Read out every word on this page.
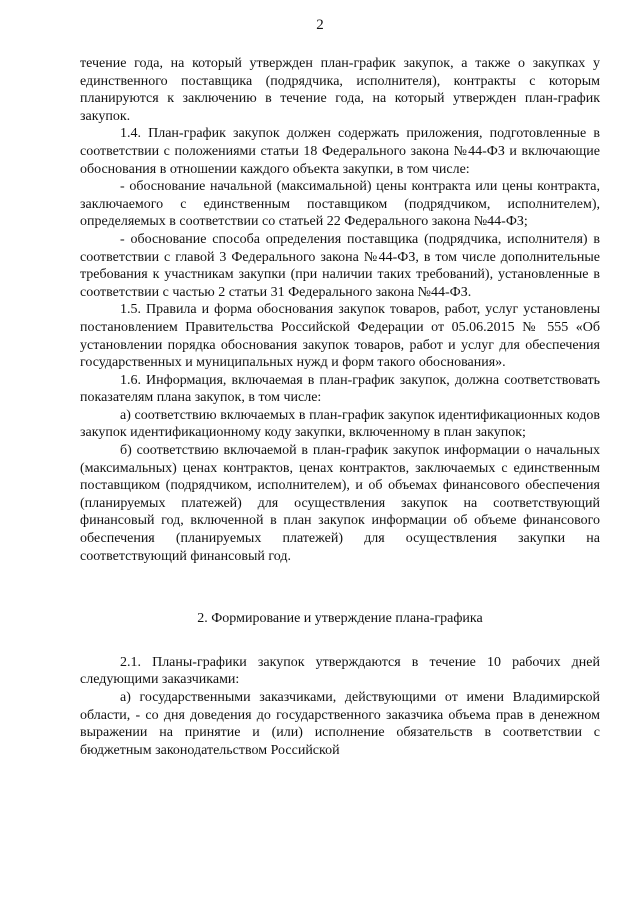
2

течение года, на который утвержден план-график закупок, а также о закупках у единственного поставщика (подрядчика, исполнителя), контракты с которым планируются к заключению в течение года, на который утвержден план-график закупок.

1.4. План-график закупок должен содержать приложения, подготовленные в соответствии с положениями статьи 18 Федерального закона №44-ФЗ и включающие обоснования в отношении каждого объекта закупки, в том числе:

- обоснование начальной (максимальной) цены контракта или цены контракта, заключаемого с единственным поставщиком (подрядчиком, исполнителем), определяемых в соответствии со статьей 22 Федерального закона №44-ФЗ;

- обоснование способа определения поставщика (подрядчика, исполнителя) в соответствии с главой 3 Федерального закона №44-ФЗ, в том числе дополнительные требования к участникам закупки (при наличии таких требований), установленные в соответствии с частью 2 статьи 31 Федерального закона №44-ФЗ.

1.5. Правила и форма обоснования закупок товаров, работ, услуг установлены постановлением Правительства Российской Федерации от 05.06.2015 № 555 «Об установлении порядка обоснования закупок товаров, работ и услуг для обеспечения государственных и муниципальных нужд и форм такого обоснования».

1.6. Информация, включаемая в план-график закупок, должна соответствовать показателям плана закупок, в том числе:

а) соответствию включаемых в план-график закупок идентификационных кодов закупок идентификационному коду закупки, включенному в план закупок;

б) соответствию включаемой в план-график закупок информации о начальных (максимальных) ценах контрактов, ценах контрактов, заключаемых с единственным поставщиком (подрядчиком, исполнителем), и об объемах финансового обеспечения (планируемых платежей) для осуществления закупок на соответствующий финансовый год, включенной в план закупок информации об объеме финансового обеспечения (планируемых платежей) для осуществления закупки на соответствующий финансовый год.

2. Формирование и утверждение плана-графика

2.1. Планы-графики закупок утверждаются в течение 10 рабочих дней следующими заказчиками:

а) государственными заказчиками, действующими от имени Владимирской области, - со дня доведения до государственного заказчика объема прав в денежном выражении на принятие и (или) исполнение обязательств в соответствии с бюджетным законодательством Российской
